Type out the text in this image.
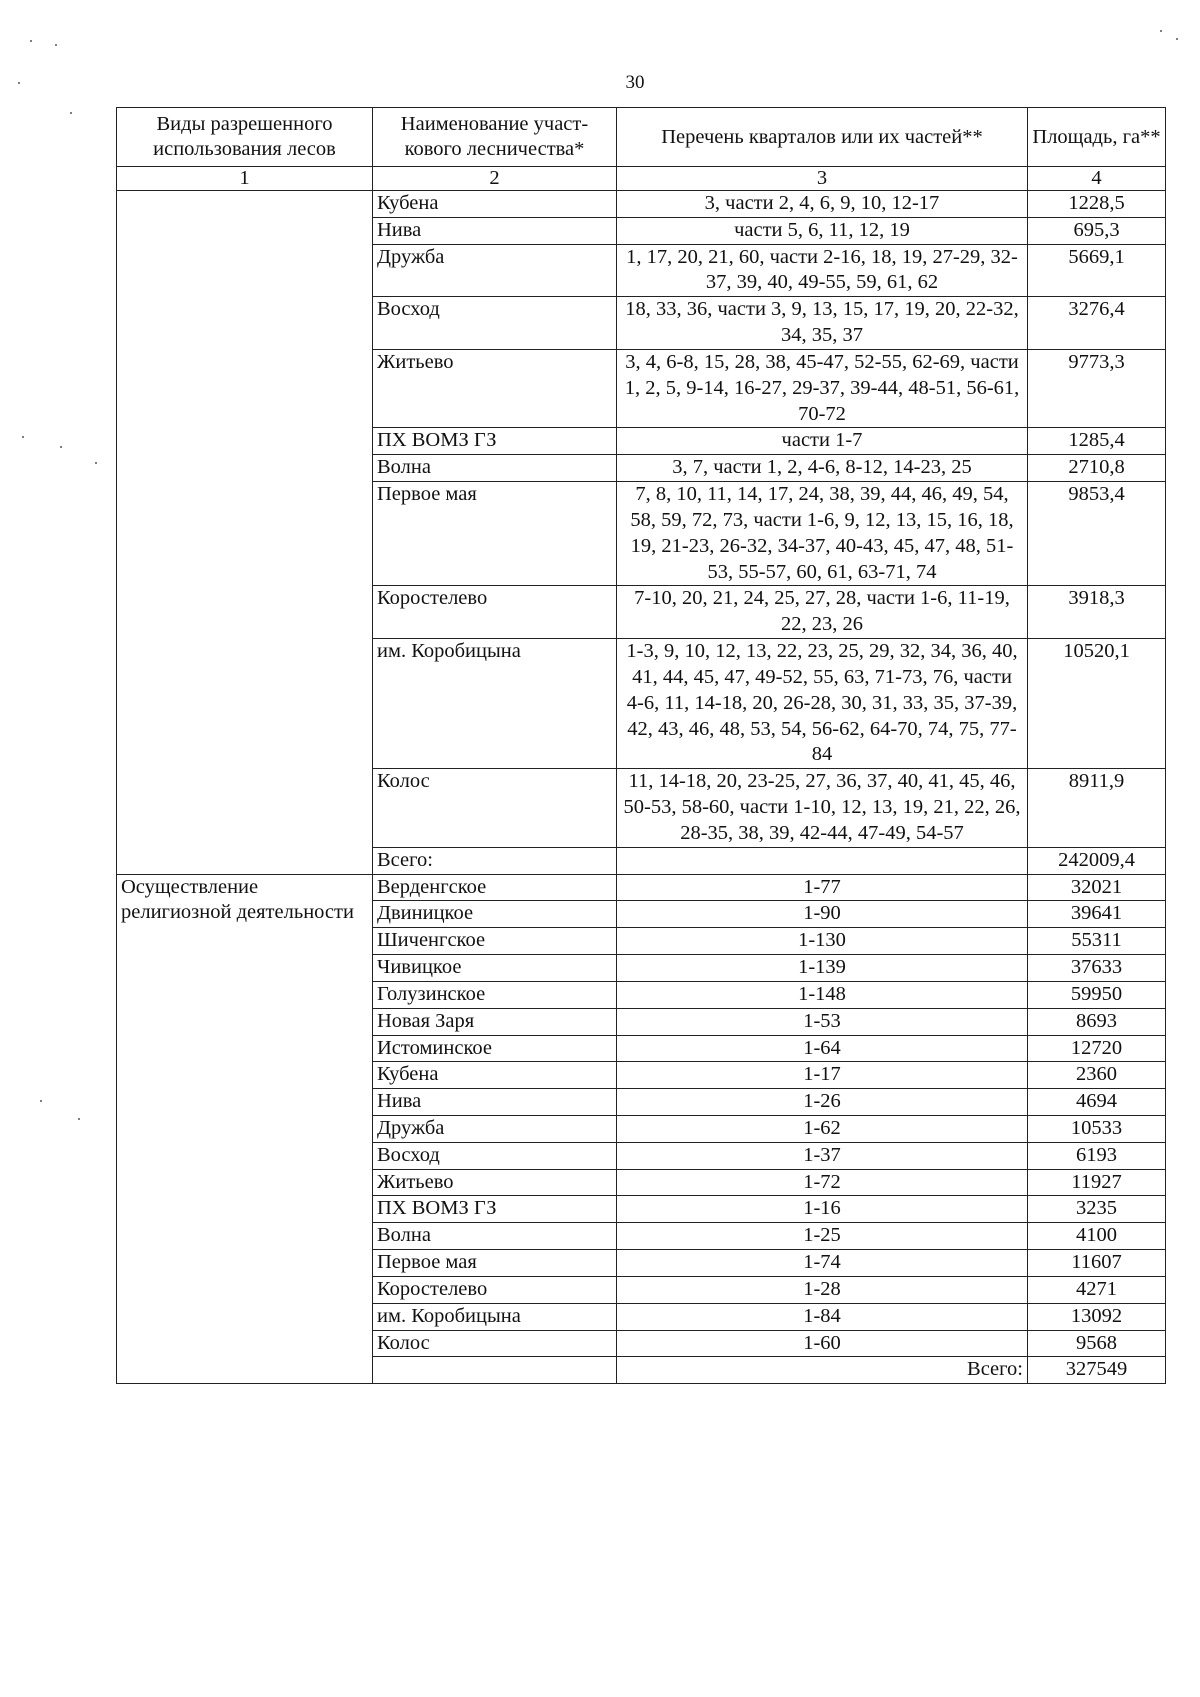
30
Виды разрешенного использования лесов	Наименование участ-кового лесничества*	Перечень кварталов или их частей**	Площадь, га**
1	2	3	4
	Кубена	3, части 2, 4, 6, 9, 10, 12-17	1228,5
	Нива	части 5, 6, 11, 12, 19	695,3
	Дружба	1, 17, 20, 21, 60, части 2-16, 18, 19, 27-29, 32-37, 39, 40, 49-55, 59, 61, 62	5669,1
	Восход	18, 33, 36, части 3, 9, 13, 15, 17, 19, 20, 22-32, 34, 35, 37	3276,4
	Житьево	3, 4, 6-8, 15, 28, 38, 45-47, 52-55, 62-69, части 1, 2, 5, 9-14, 16-27, 29-37, 39-44, 48-51, 56-61, 70-72	9773,3
	ПХ ВОМЗ ГЗ	части 1-7	1285,4
	Волна	3, 7, части 1, 2, 4-6, 8-12, 14-23, 25	2710,8
	Первое мая	7, 8, 10, 11, 14, 17, 24, 38, 39, 44, 46, 49, 54, 58, 59, 72, 73, части 1-6, 9, 12, 13, 15, 16, 18, 19, 21-23, 26-32, 34-37, 40-43, 45, 47, 48, 51-53, 55-57, 60, 61, 63-71, 74	9853,4
	Коростелево	7-10, 20, 21, 24, 25, 27, 28, части 1-6, 11-19, 22, 23, 26	3918,3
	им. Коробицына	1-3, 9, 10, 12, 13, 22, 23, 25, 29, 32, 34, 36, 40, 41, 44, 45, 47, 49-52, 55, 63, 71-73, 76, части 4-6, 11, 14-18, 20, 26-28, 30, 31, 33, 35, 37-39, 42, 43, 46, 48, 53, 54, 56-62, 64-70, 74, 75, 77-84	10520,1
	Колос	11, 14-18, 20, 23-25, 27, 36, 37, 40, 41, 45, 46, 50-53, 58-60, части 1-10, 12, 13, 19, 21, 22, 26, 28-35, 38, 39, 42-44, 47-49, 54-57	8911,9
	Всего:		242009,4
Осуществление религиозной деятельности	Верденгское	1-77	32021
	Двиницкое	1-90	39641
	Шиченгское	1-130	55311
	Чивицкое	1-139	37633
	Голузинское	1-148	59950
	Новая Заря	1-53	8693
	Истоминское	1-64	12720
	Кубена	1-17	2360
	Нива	1-26	4694
	Дружба	1-62	10533
	Восход	1-37	6193
	Житьево	1-72	11927
	ПХ ВОМЗ ГЗ	1-16	3235
	Волна	1-25	4100
	Первое мая	1-74	11607
	Коростелево	1-28	4271
	им. Коробицына	1-84	13092
	Колос	1-60	9568
		Всего:	327549
